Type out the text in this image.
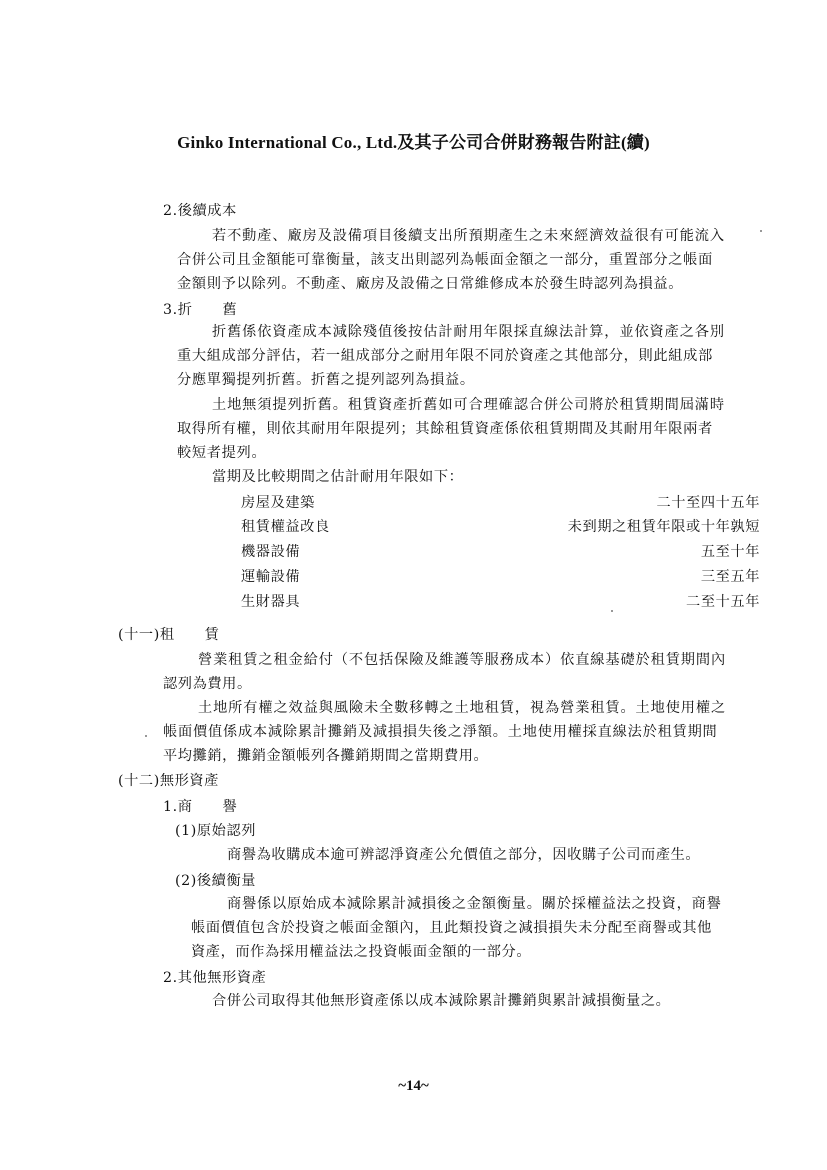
Ginko International Co., Ltd.及其子公司合併財務報告附註(續)
2.後續成本
若不動產、廠房及設備項目後續支出所預期產生之未來經濟效益很有可能流入
合併公司且金額能可靠衡量，該支出則認列為帳面金額之一部分，重置部分之帳面
金額則予以除列。不動產、廠房及設備之日常維修成本於發生時認列為損益。
3.折 舊
折舊係依資產成本減除殘值後按估計耐用年限採直線法計算，並依資產之各別
重大組成部分評估，若一組成部分之耐用年限不同於資產之其他部分，則此組成部
分應單獨提列折舊。折舊之提列認列為損益。
土地無須提列折舊。租賃資產折舊如可合理確認合併公司將於租賃期間屆滿時
取得所有權，則依其耐用年限提列；其餘租賃資產係依租賃期間及其耐用年限兩者
較短者提列。
當期及比較期間之估計耐用年限如下：
房屋及建築	二十至四十五年
租賃權益改良	未到期之租賃年限或十年孰短
機器設備	五至十年
運輸設備	三至五年
生財器具	二至十五年
(十一)租 賃
營業租賃之租金給付（不包括保險及維護等服務成本）依直線基礎於租賃期間內
認列為費用。
土地所有權之效益與風險未全數移轉之土地租賃，視為營業租賃。土地使用權之
帳面價值係成本減除累計攤銷及減損損失後之淨額。土地使用權採直線法於租賃期間
平均攤銷，攤銷金額帳列各攤銷期間之當期費用。
(十二)無形資產
1.商 譽
(1)原始認列
商譽為收購成本逾可辨認淨資產公允價值之部分，因收購子公司而產生。
(2)後續衡量
商譽係以原始成本減除累計減損後之金額衡量。關於採權益法之投資，商譽
帳面價值包含於投資之帳面金額內，且此類投資之減損損失未分配至商譽或其他
資產，而作為採用權益法之投資帳面金額的一部分。
2.其他無形資產
合併公司取得其他無形資產係以成本減除累計攤銷與累計減損衡量之。
~14~
